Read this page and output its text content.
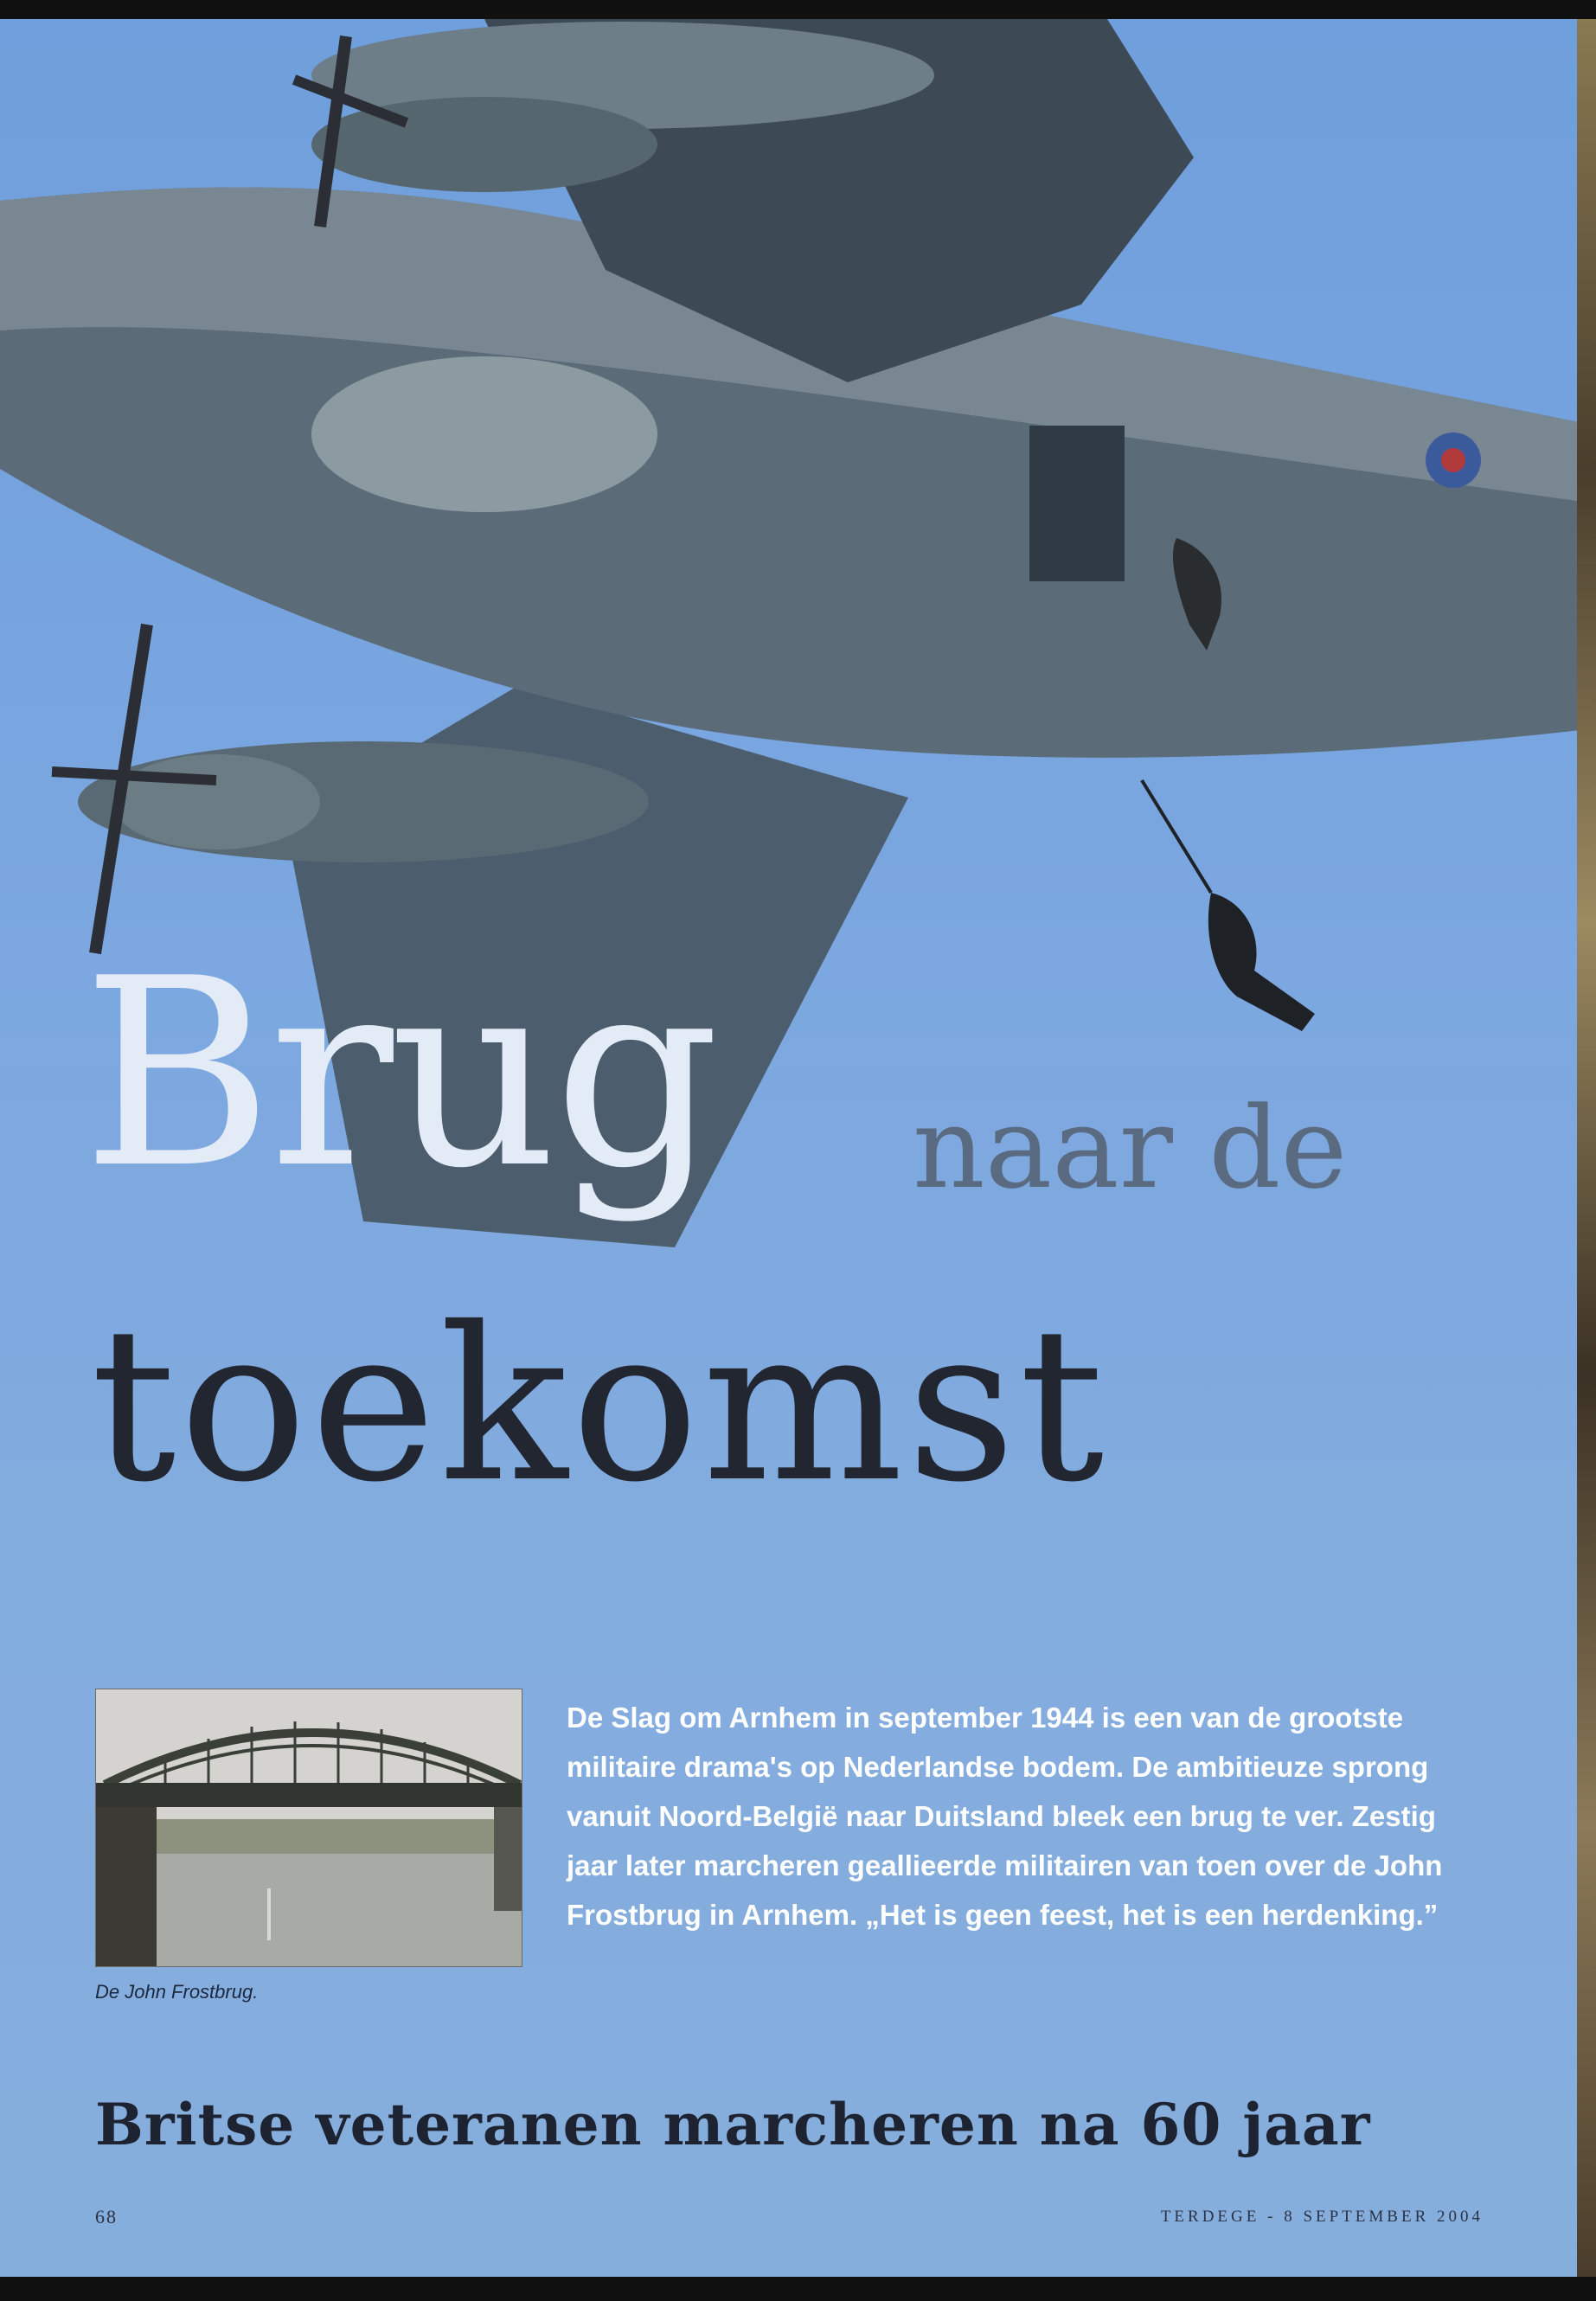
Brug naar de
toekomst
De John Frostbrug.

De Slag om Arnhem in september 1944 is een van de grootste militaire drama's op Nederlandse bodem. De ambitieuze sprong vanuit Noord-België naar Duitsland bleek een brug te ver. Zestig jaar later marcheren geallieerde militairen van toen over de John Frostbrug in Arnhem. „Het is geen feest, het is een herdenking.”

Britse veteranen marcheren na 60 jaar
68	TERDEGE - 8 SEPTEMBER 2004
